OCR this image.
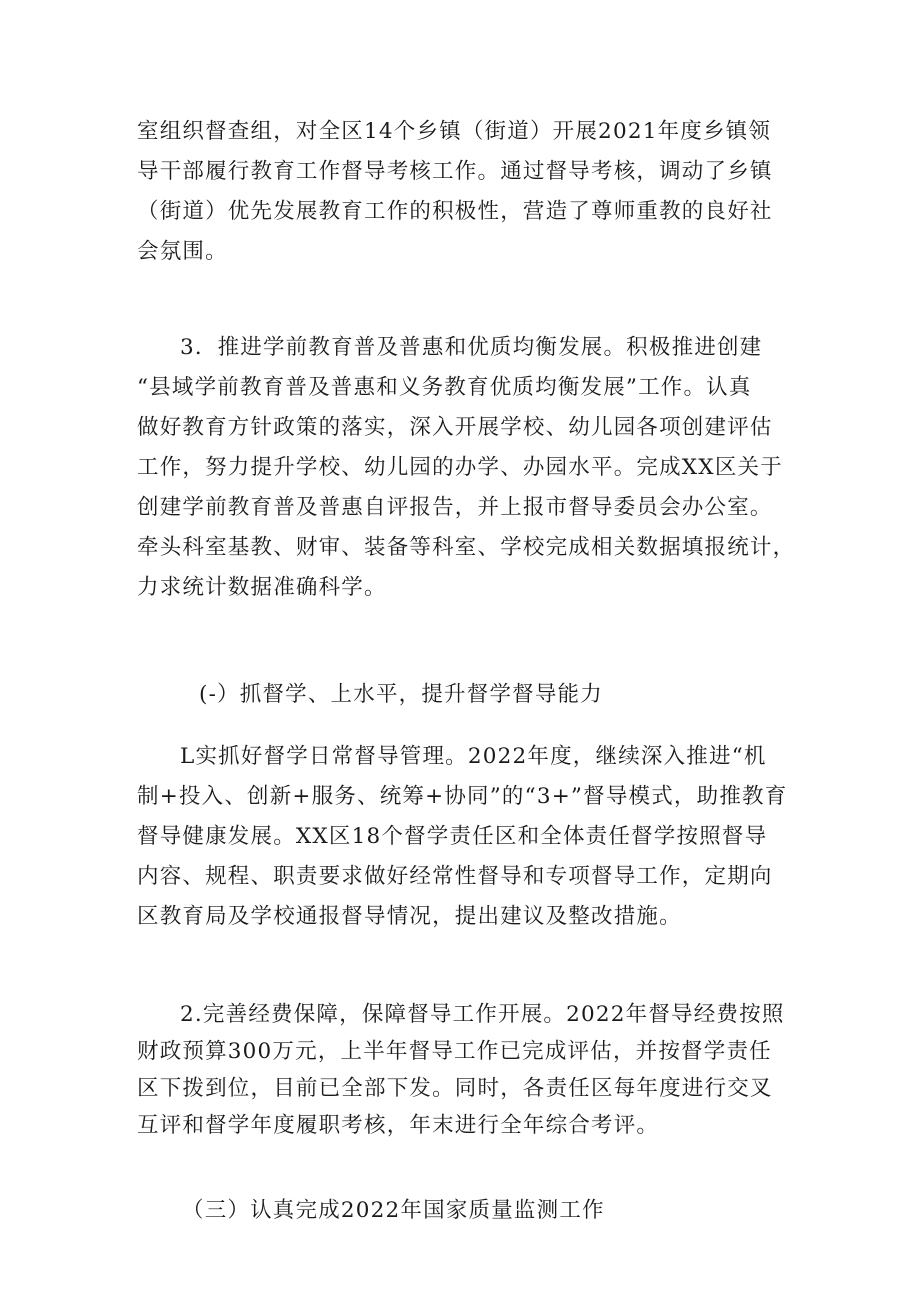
室组织督查组，对全区14个乡镇（街道）开展2021年度乡镇领
导干部履行教育工作督导考核工作。通过督导考核，调动了乡镇
（街道）优先发展教育工作的积极性，营造了尊师重教的良好社
会氛围。
3．推进学前教育普及普惠和优质均衡发展。积极推进创建
“县域学前教育普及普惠和义务教育优质均衡发展”工作。认真
做好教育方针政策的落实，深入开展学校、幼儿园各项创建评估
工作，努力提升学校、幼儿园的办学、办园水平。完成XX区关于
创建学前教育普及普惠自评报告，并上报市督导委员会办公室。
牵头科室基教、财审、装备等科室、学校完成相关数据填报统计，
力求统计数据准确科学。

(-）抓督学、上水平，提升督学督导能力

L实抓好督学日常督导管理。2022年度，继续深入推进“机
制+投入、创新+服务、统筹+协同”的“3+”督导模式，助推教育
督导健康发展。XX区18个督学责任区和全体责任督学按照督导
内容、规程、职责要求做好经常性督导和专项督导工作，定期向
区教育局及学校通报督导情况，提出建议及整改措施。
2.完善经费保障，保障督导工作开展。2022年督导经费按照
财政预算300万元，上半年督导工作已完成评估，并按督学责任
区下拨到位，目前已全部下发。同时，各责任区每年度进行交叉
互评和督学年度履职考核，年末进行全年综合考评。

（三）认真完成2022年国家质量监测工作
